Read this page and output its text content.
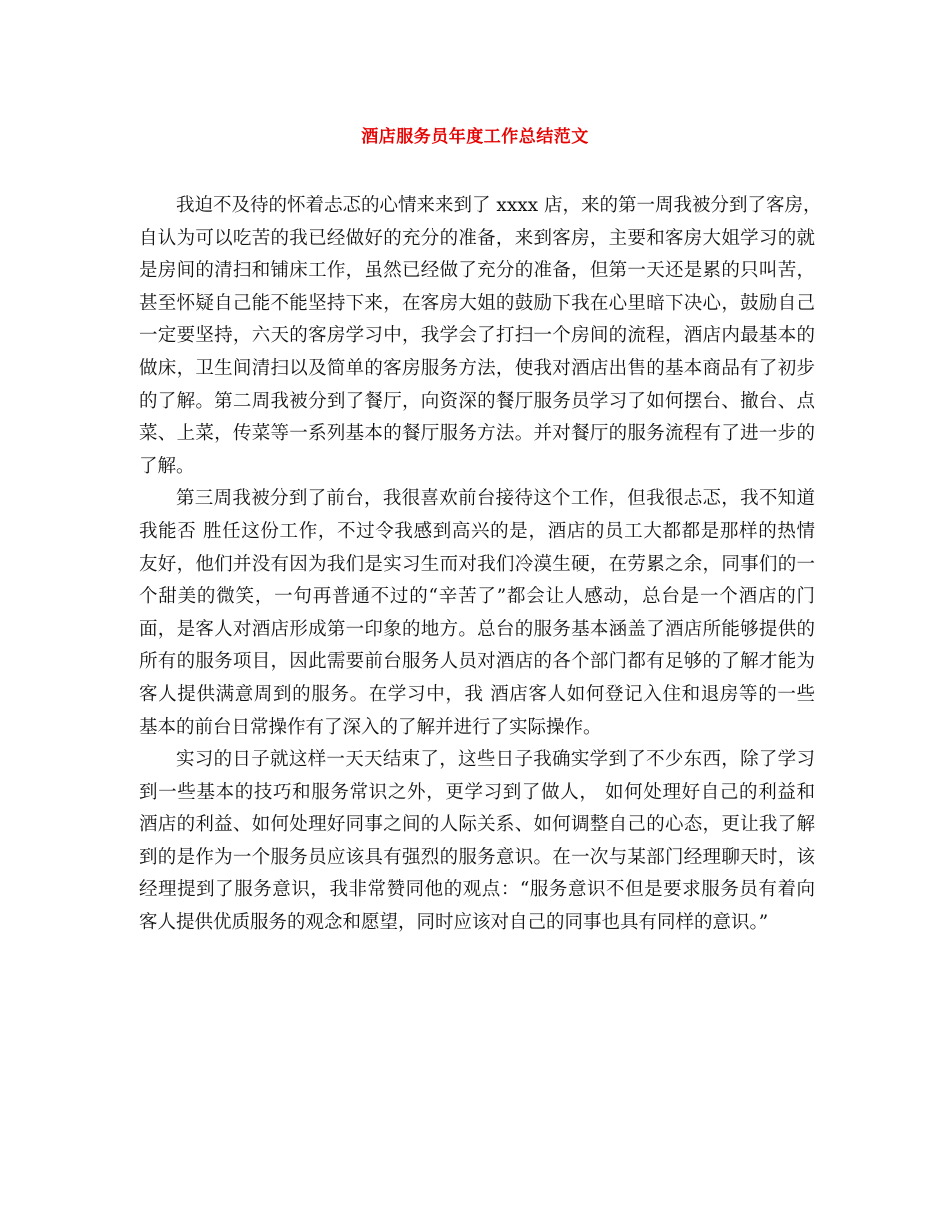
酒店服务员年度工作总结范文
我迫不及待的怀着忐忑的心情来来到了 xxxx 店，来的第一周我被分到了客房，
自认为可以吃苦的我已经做好的充分的准备，来到客房，主要和客房大姐学习的就
是房间的清扫和铺床工作，虽然已经做了充分的准备，但第一天还是累的只叫苦，
甚至怀疑自己能不能坚持下来，在客房大姐的鼓励下我在心里暗下决心，鼓励自己
一定要坚持，六天的客房学习中，我学会了打扫一个房间的流程，酒店内最基本的
做床，卫生间清扫以及简单的客房服务方法，使我对酒店出售的基本商品有了初步
的了解。第二周我被分到了餐厅，向资深的餐厅服务员学习了如何摆台、撤台、点
菜、上菜，传菜等一系列基本的餐厅服务方法。并对餐厅的服务流程有了进一步的
了解。
第三周我被分到了前台，我很喜欢前台接待这个工作，但我很忐忑，我不知道
我能否 胜任这份工作，不过令我感到高兴的是，酒店的员工大都都是那样的热情
友好，他们并没有因为我们是实习生而对我们冷漠生硬，在劳累之余，同事们的一
个甜美的微笑，一句再普通不过的“辛苦了”都会让人感动，总台是一个酒店的门
面，是客人对酒店形成第一印象的地方。总台的服务基本涵盖了酒店所能够提供的
所有的服务项目，因此需要前台服务人员对酒店的各个部门都有足够的了解才能为
客人提供满意周到的服务。在学习中，我 酒店客人如何登记入住和退房等的一些
基本的前台日常操作有了深入的了解并进行了实际操作。
实习的日子就这样一天天结束了，这些日子我确实学到了不少东西，除了学习
到一些基本的技巧和服务常识之外，更学习到了做人， 如何处理好自己的利益和
酒店的利益、如何处理好同事之间的人际关系、如何调整自己的心态，更让我了解
到的是作为一个服务员应该具有强烈的服务意识。在一次与某部门经理聊天时，该
经理提到了服务意识，我非常赞同他的观点：“服务意识不但是要求服务员有着向
客人提供优质服务的观念和愿望，同时应该对自己的同事也具有同样的意识。”
